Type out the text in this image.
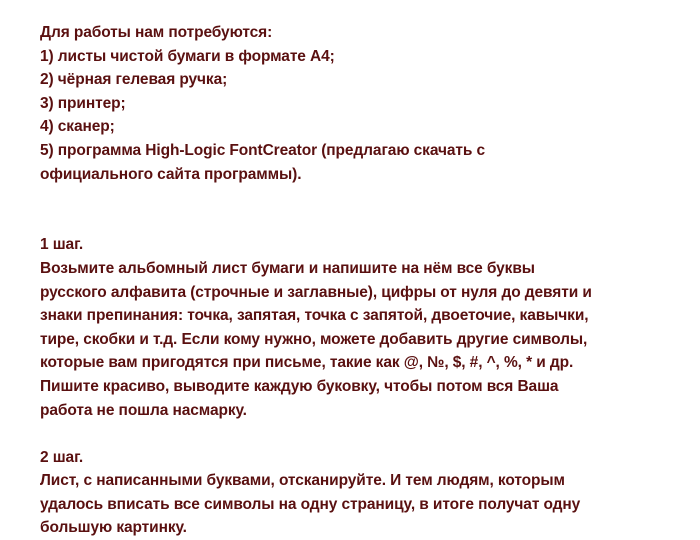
Для работы нам потребуются:
1) листы чистой бумаги в формате А4;
2) чёрная гелевая ручка;
3) принтер;
4) сканер;
5) программа High-Logic FontCreator (предлагаю скачать с
официального сайта программы).
1 шаг.
Возьмите альбомный лист бумаги и напишите на нём все буквы
русского алфавита (строчные и заглавные), цифры от нуля до девяти и
знаки препинания: точка, запятая, точка с запятой, двоеточие, кавычки,
тире, скобки и т.д. Если кому нужно, можете добавить другие символы,
которые вам пригодятся при письме, такие как @, №, $, #, ^, %, * и др.
Пишите красиво, выводите каждую буковку, чтобы потом вся Ваша
работа не пошла насмарку.
2 шаг.
Лист, с написанными буквами, отсканируйте. И тем людям, которым
удалось вписать все символы на одну страницу, в итоге получат одну
большую картинку.
